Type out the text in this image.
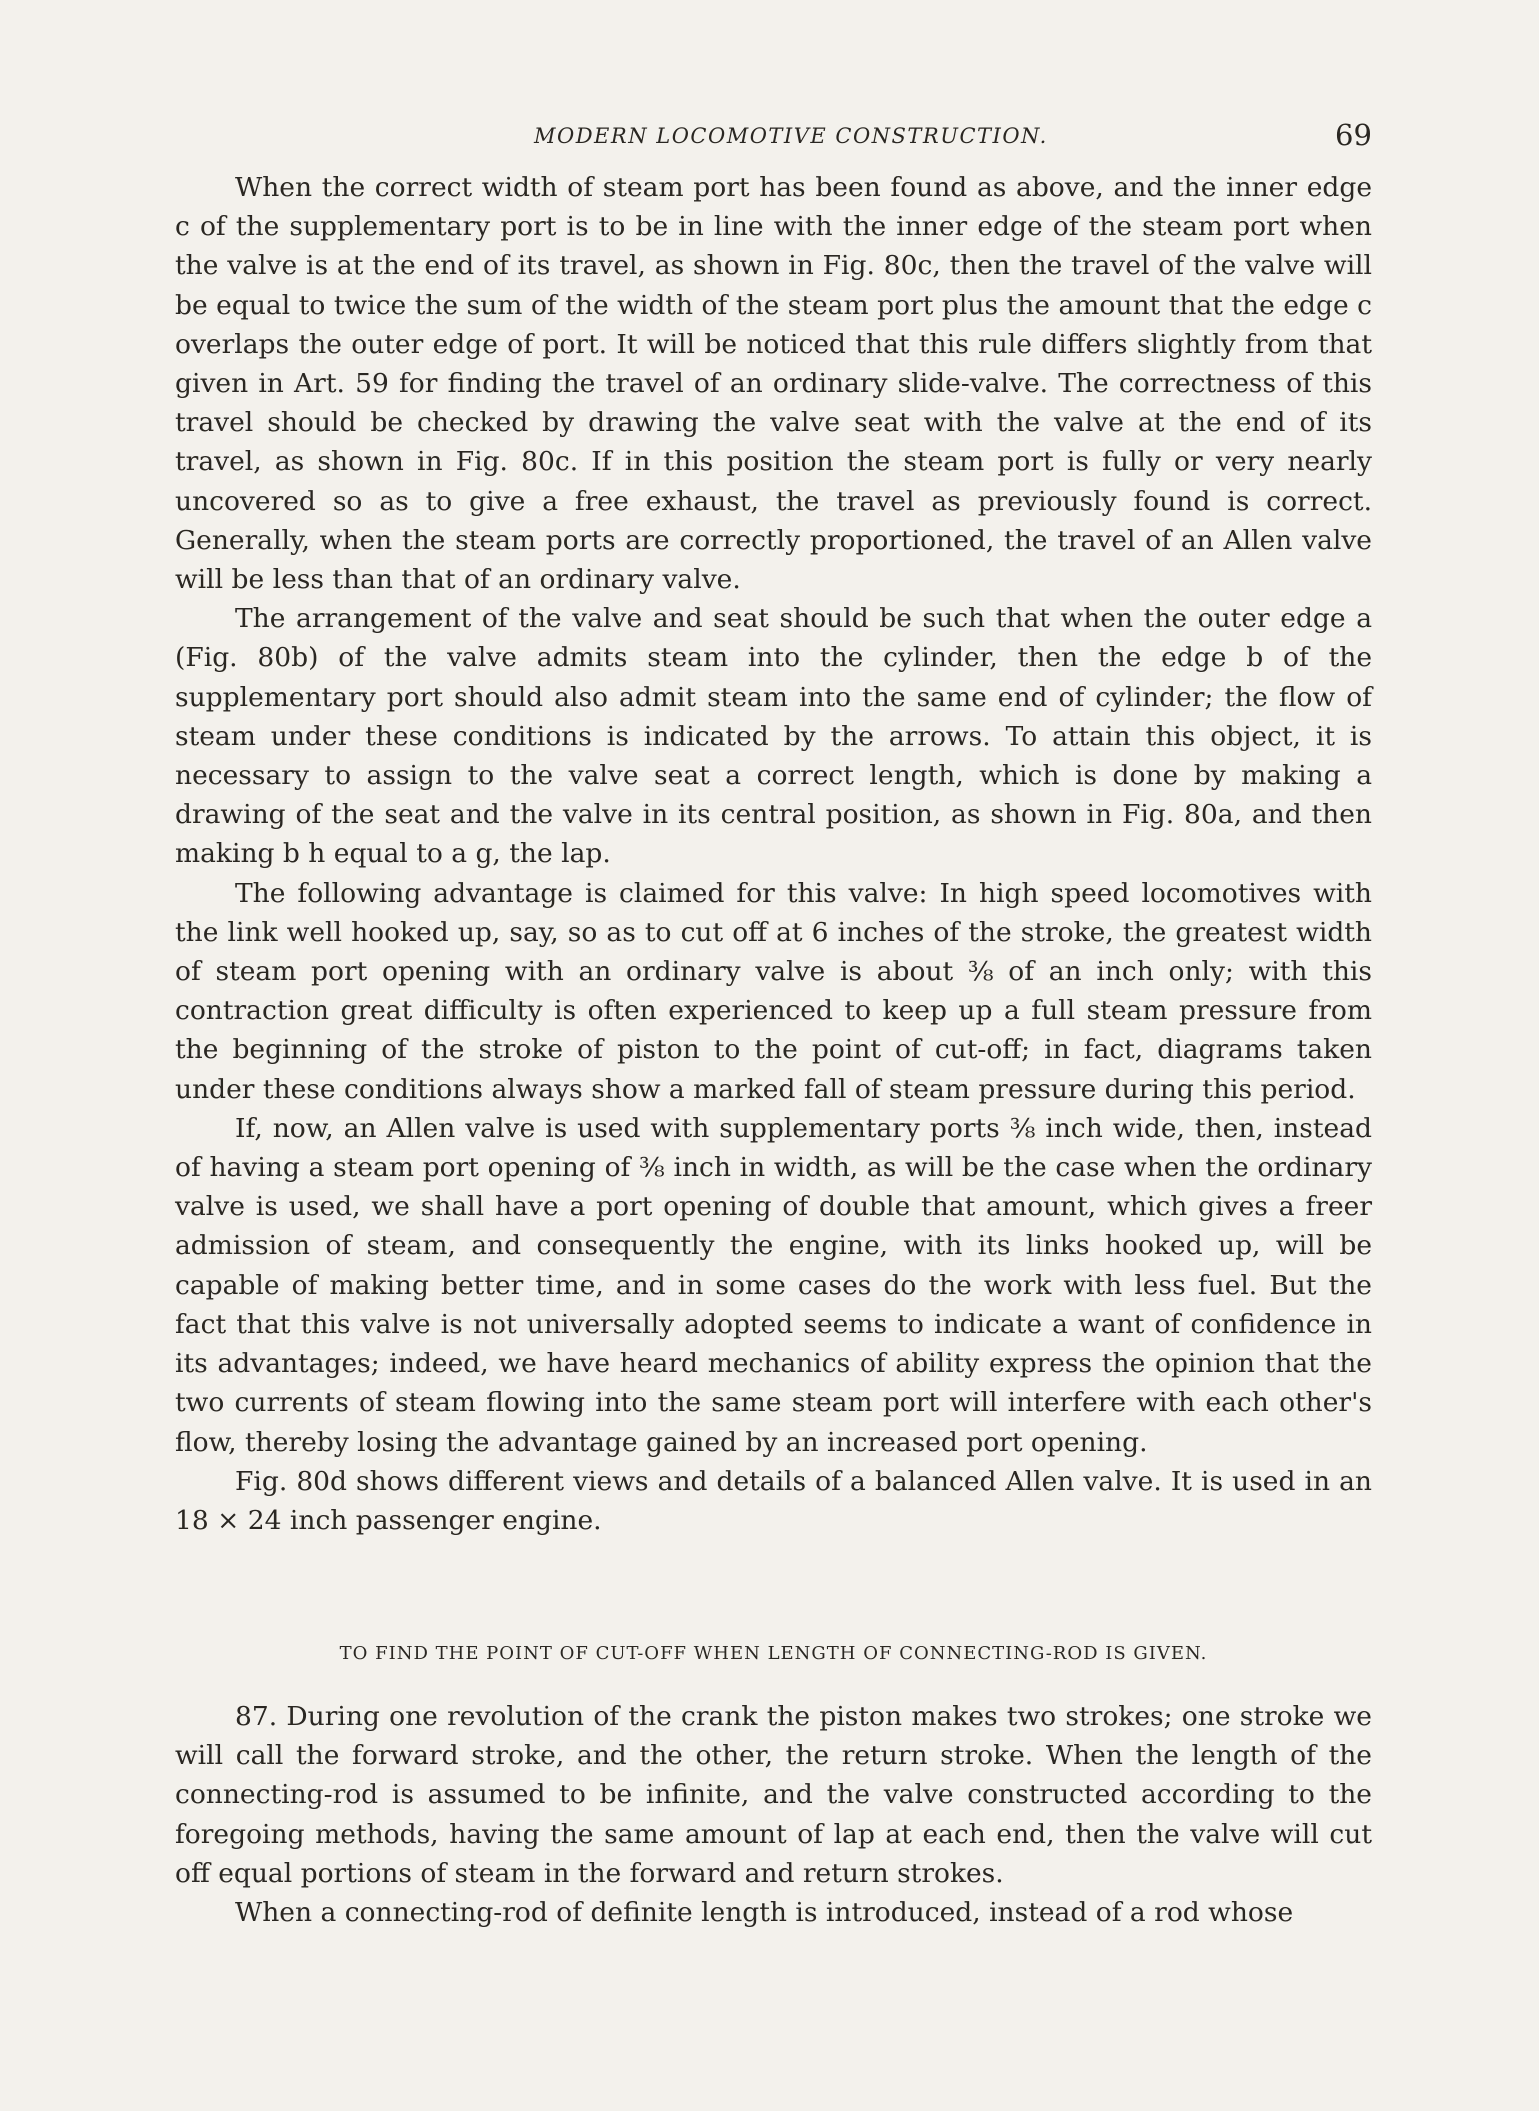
MODERN LOCOMOTIVE CONSTRUCTION.	69

When the correct width of steam port has been found as above, and the inner edge c of the supplementary port is to be in line with the inner edge of the steam port when the valve is at the end of its travel, as shown in Fig. 80c, then the travel of the valve will be equal to twice the sum of the width of the steam port plus the amount that the edge c overlaps the outer edge of port. It will be noticed that this rule differs slightly from that given in Art. 59 for finding the travel of an ordinary slide-valve. The correctness of this travel should be checked by drawing the valve seat with the valve at the end of its travel, as shown in Fig. 80c. If in this position the steam port is fully or very nearly uncovered so as to give a free exhaust, the travel as previously found is correct. Generally, when the steam ports are correctly proportioned, the travel of an Allen valve will be less than that of an ordinary valve.

The arrangement of the valve and seat should be such that when the outer edge a (Fig. 80b) of the valve admits steam into the cylinder, then the edge b of the supplementary port should also admit steam into the same end of cylinder; the flow of steam under these conditions is indicated by the arrows. To attain this object, it is necessary to assign to the valve seat a correct length, which is done by making a drawing of the seat and the valve in its central position, as shown in Fig. 80a, and then making b h equal to a g, the lap.

The following advantage is claimed for this valve: In high speed locomotives with the link well hooked up, say, so as to cut off at 6 inches of the stroke, the greatest width of steam port opening with an ordinary valve is about ⅜ of an inch only; with this contraction great difficulty is often experienced to keep up a full steam pressure from the beginning of the stroke of piston to the point of cut-off; in fact, diagrams taken under these conditions always show a marked fall of steam pressure during this period.

If, now, an Allen valve is used with supplementary ports ⅜ inch wide, then, instead of having a steam port opening of ⅜ inch in width, as will be the case when the ordinary valve is used, we shall have a port opening of double that amount, which gives a freer admission of steam, and consequently the engine, with its links hooked up, will be capable of making better time, and in some cases do the work with less fuel. But the fact that this valve is not universally adopted seems to indicate a want of confidence in its advantages; indeed, we have heard mechanics of ability express the opinion that the two currents of steam flowing into the same steam port will interfere with each other's flow, thereby losing the advantage gained by an increased port opening.

Fig. 80d shows different views and details of a balanced Allen valve. It is used in an 18 × 24 inch passenger engine.

TO FIND THE POINT OF CUT-OFF WHEN LENGTH OF CONNECTING-ROD IS GIVEN.

87. During one revolution of the crank the piston makes two strokes; one stroke we will call the forward stroke, and the other, the return stroke. When the length of the connecting-rod is assumed to be infinite, and the valve constructed according to the foregoing methods, having the same amount of lap at each end, then the valve will cut off equal portions of steam in the forward and return strokes.

When a connecting-rod of definite length is introduced, instead of a rod whose
